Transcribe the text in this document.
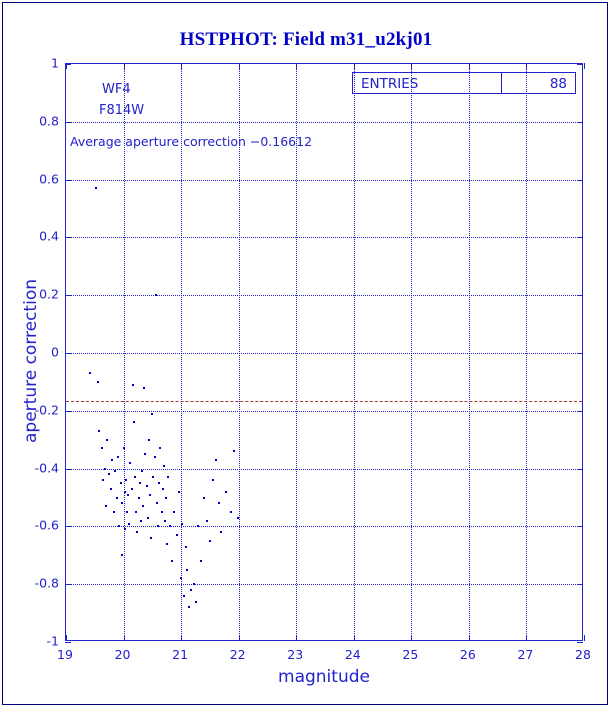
HSTPHOT: Field m31_u2kj01
ENTRIES	88
WF4
F814W
Average aperture correction −0.16612
magnitude
aperture correction
19	20	21	22	23	24	25	26	27	28
-1
-0.8
-0.6
-0.4
-0.2
0
0.2
0.4
0.6
0.8
1
